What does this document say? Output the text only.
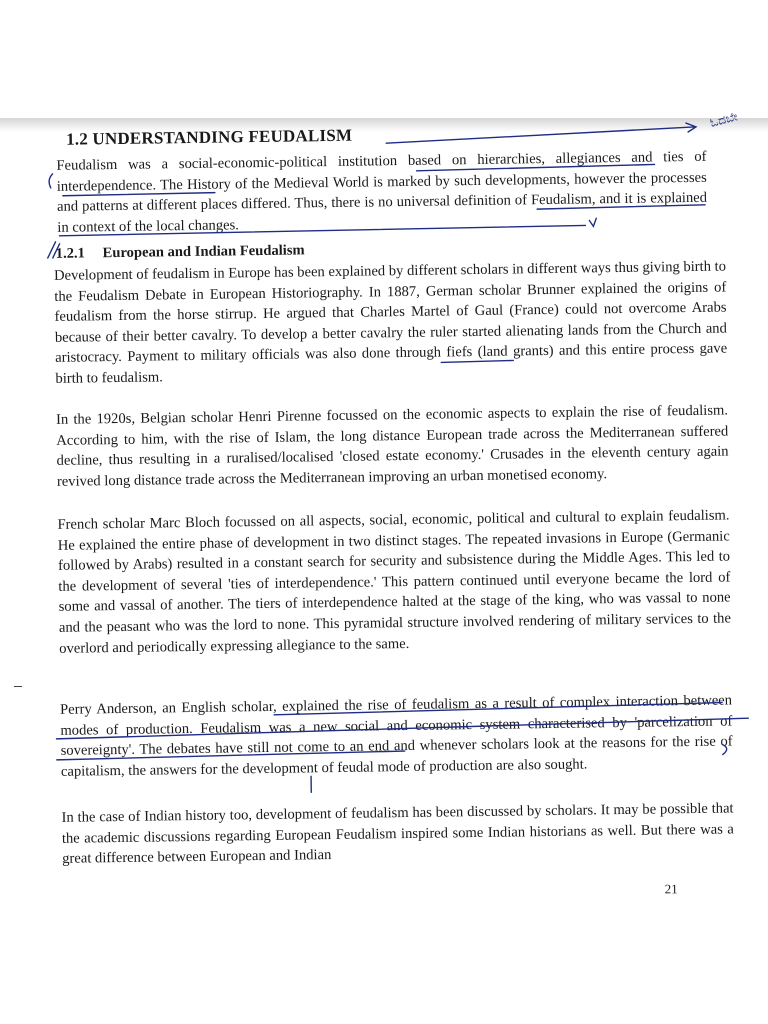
1.2 UNDERSTANDING FEUDALISM
ಓದಬೇ

Feudalism was a social-economic-political institution based on hierarchies, allegiances and ties of interdependence. The History of the Medieval World is marked by such developments, however the processes and patterns at different places differed. Thus, there is no universal definition of Feudalism, and it is explained in context of the local changes.

1.2.1 European and Indian Feudalism

Development of feudalism in Europe has been explained by different scholars in different ways thus giving birth to the Feudalism Debate in European Historiography. In 1887, German scholar Brunner explained the origins of feudalism from the horse stirrup. He argued that Charles Martel of Gaul (France) could not overcome Arabs because of their better cavalry. To develop a better cavalry the ruler started alienating lands from the Church and aristocracy. Payment to military officials was also done through fiefs (land grants) and this entire process gave birth to feudalism.

In the 1920s, Belgian scholar Henri Pirenne focussed on the economic aspects to explain the rise of feudalism. According to him, with the rise of Islam, the long distance European trade across the Mediterranean suffered decline, thus resulting in a ruralised/localised 'closed estate economy.' Crusades in the eleventh century again revived long distance trade across the Mediterranean improving an urban monetised economy.

French scholar Marc Bloch focussed on all aspects, social, economic, political and cultural to explain feudalism. He explained the entire phase of development in two distinct stages. The repeated invasions in Europe (Germanic followed by Arabs) resulted in a constant search for security and subsistence during the Middle Ages. This led to the development of several 'ties of interdependence.' This pattern continued until everyone became the lord of some and vassal of another. The tiers of interdependence halted at the stage of the king, who was vassal to none and the peasant who was the lord to none. This pyramidal structure involved rendering of military services to the overlord and periodically expressing allegiance to the same.

Perry Anderson, an English scholar, explained the rise of feudalism as a result of complex interaction between modes of production. Feudalism was a new social and economic system characterised by 'parcelization of sovereignty'. The debates have still not come to an end and whenever scholars look at the reasons for the rise of capitalism, the answers for the development of feudal mode of production are also sought.

In the case of Indian history too, development of feudalism has been discussed by scholars. It may be possible that the academic discussions regarding European Feudalism inspired some Indian historians as well. But there was a great difference between European and Indian

21
